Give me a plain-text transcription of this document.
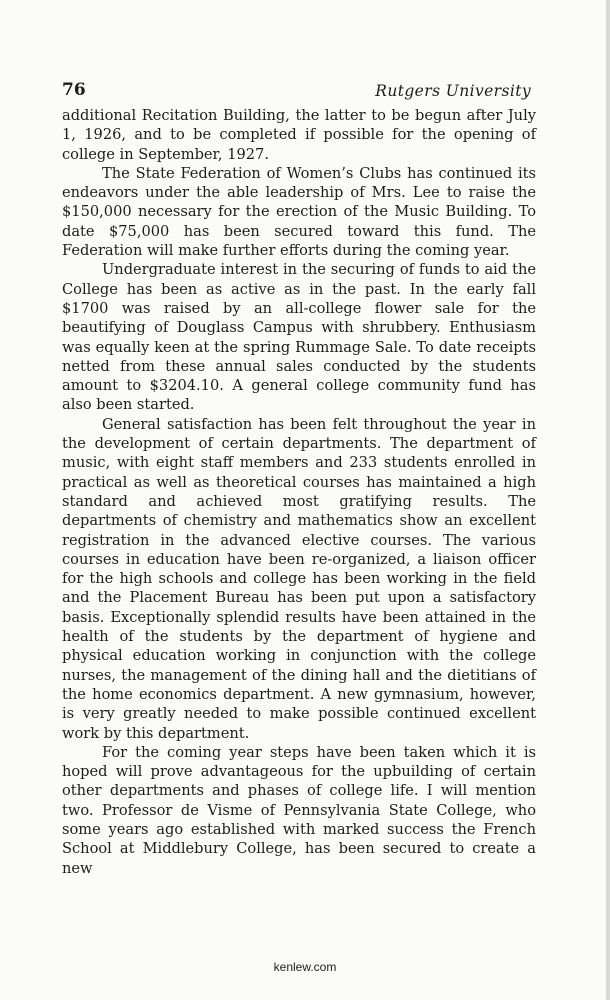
76	Rutgers University

additional Recitation Building, the latter to be begun after July 1, 1926, and to be completed if possible for the opening of college in September, 1927.

The State Federation of Women’s Clubs has continued its endeavors under the able leadership of Mrs. Lee to raise the $150,000 necessary for the erection of the Music Building. To date $75,000 has been secured toward this fund. The Federation will make further efforts during the coming year.

Undergraduate interest in the securing of funds to aid the College has been as active as in the past. In the early fall $1700 was raised by an all-college flower sale for the beautifying of Douglass Campus with shrubbery. Enthusiasm was equally keen at the spring Rummage Sale. To date receipts netted from these annual sales conducted by the students amount to $3204.10. A general college community fund has also been started.

General satisfaction has been felt throughout the year in the development of certain departments. The department of music, with eight staff members and 233 students enrolled in practical as well as theoretical courses has maintained a high standard and achieved most gratifying results. The departments of chemistry and mathematics show an excellent registration in the advanced elective courses. The various courses in education have been re-organized, a liaison officer for the high schools and college has been working in the field and the Placement Bureau has been put upon a satisfactory basis. Exceptionally splendid results have been attained in the health of the students by the department of hygiene and physical education working in conjunction with the college nurses, the management of the dining hall and the dietitians of the home economics department. A new gymnasium, however, is very greatly needed to make possible continued excellent work by this department.

For the coming year steps have been taken which it is hoped will prove advantageous for the upbuilding of certain other departments and phases of college life. I will mention two. Professor de Visme of Pennsylvania State College, who some years ago established with marked success the French School at Middlebury College, has been secured to create a new

kenlew.com
